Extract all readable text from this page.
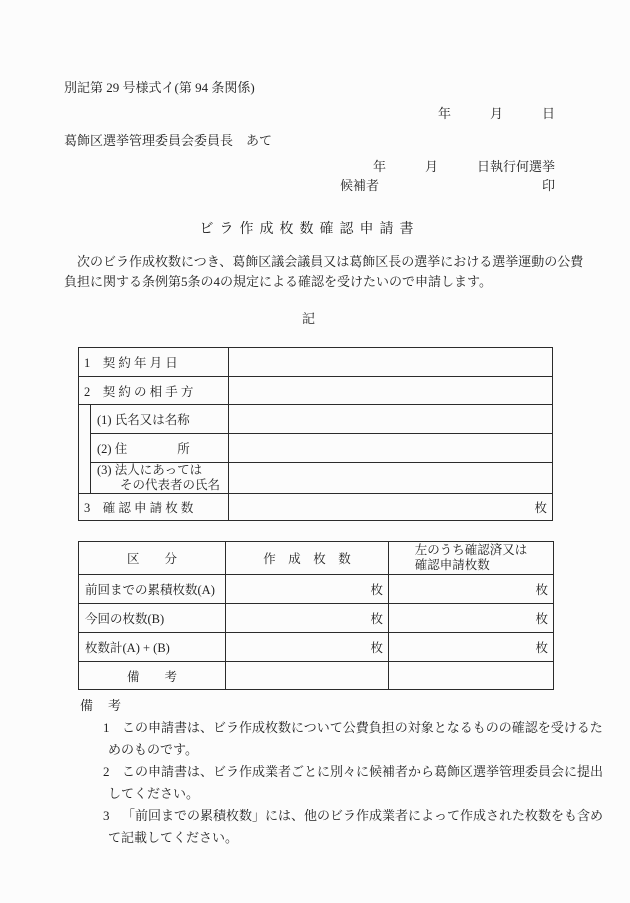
別記第 29 号様式イ(第 94 条関係)
年　　　月　　　日
葛飾区選挙管理委員会委員長　あて
年　　　月　　　日執行何選挙
候補者	印
ビラ作成枚数確認申請書
　次のビラ作成枚数につき、葛飾区議会議員又は葛飾区長の選挙における選挙運動の公費
負担に関する条例第5条の4の規定による確認を受けたいので申請します。
記
1　契 約 年 月 日		
2　契 約 の 相 手 方		
	(1) 氏名又は名称	
	(2) 住　　　　所	

	(3) 法人にあっては
その代表者の氏名	

3　確 認 申 請 枚 数		枚
区　　分	作　成　枚　数	左のうち確認済又は
確認申請枚数

前回までの累積枚数(A)	枚	枚
今回の枚数(B)	枚	枚
枚数計(A) + (B)	枚	枚
備　　考		
備　考
1 この申請書は、ビラ作成枚数について公費負担の対象となるものの確認を受けるた
めのものです。
2 この申請書は、ビラ作成業者ごとに別々に候補者から葛飾区選挙管理委員会に提出
してください。
3 「前回までの累積枚数」には、他のビラ作成業者によって作成された枚数をも含め
て記載してください。
